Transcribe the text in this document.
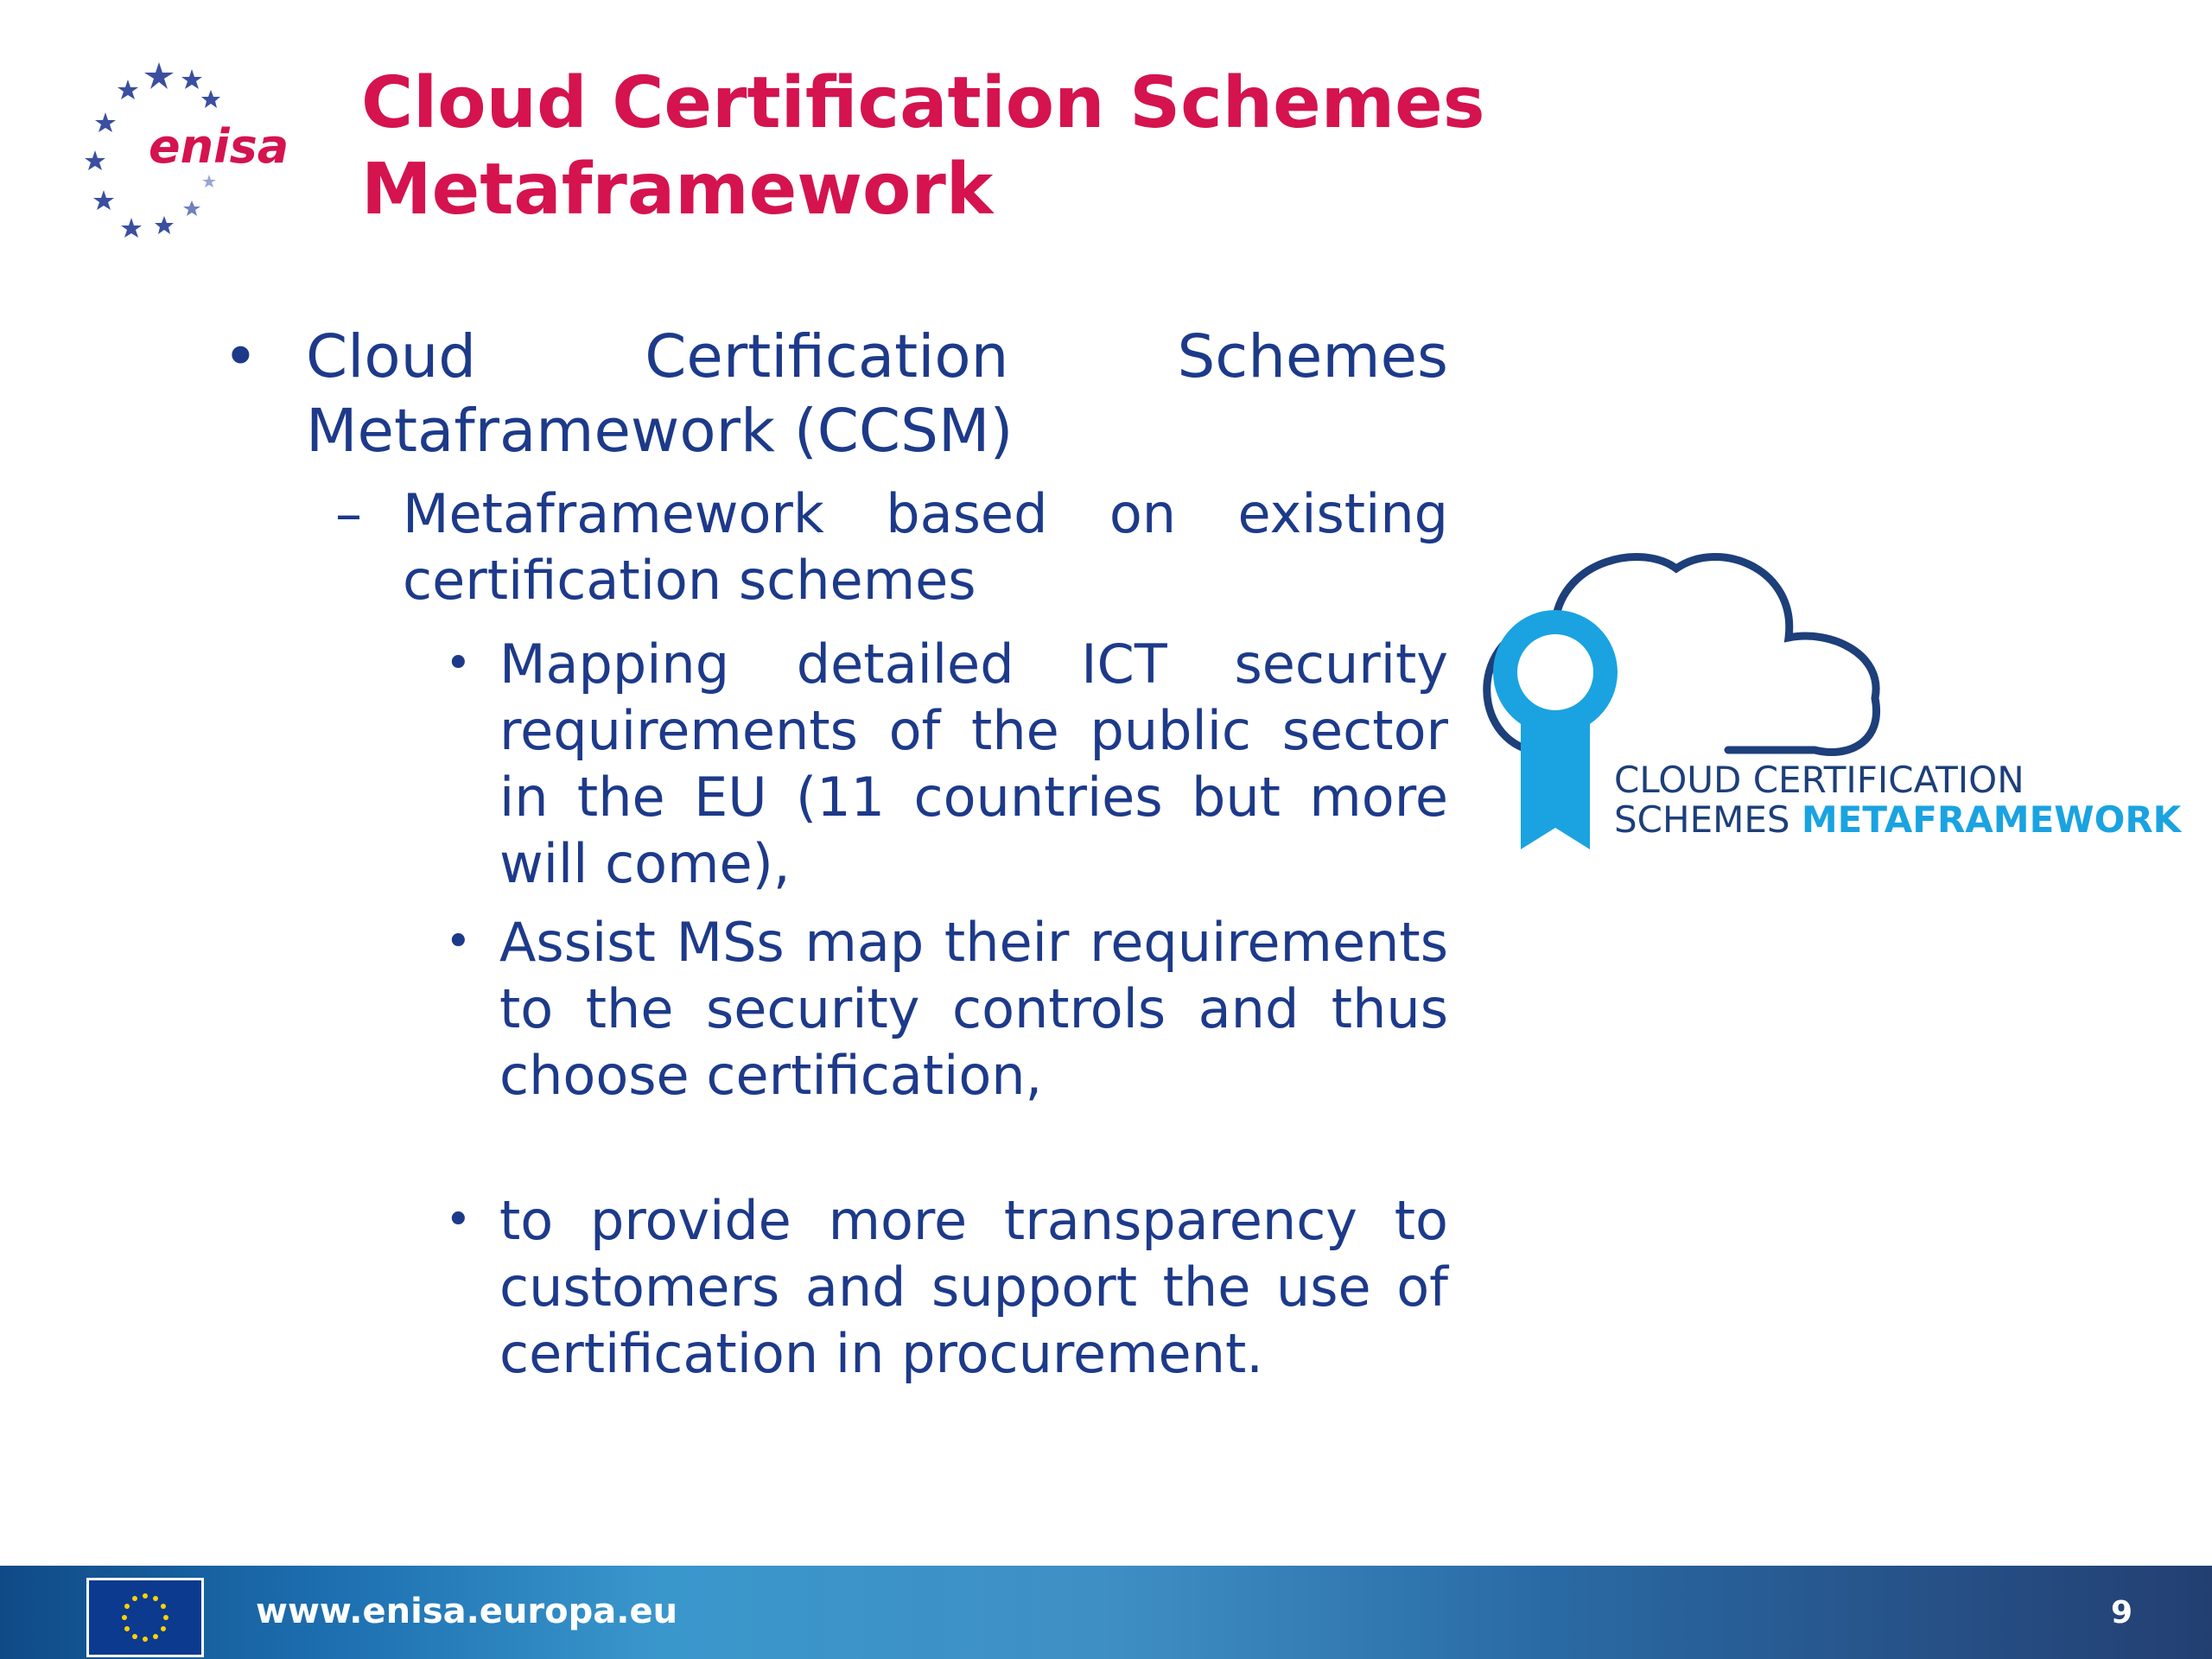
enisa
Cloud Certification Schemes
Metaframework
• Cloud Certification Schemes Metaframework (CCSM)
– Metaframework based on existing certification schemes
• Mapping detailed ICT security requirements of the public sector in the EU (11 countries but more will come),
• Assist MSs map their requirements to the security controls and thus choose certification,
• to provide more transparency to customers and support the use of certification in procurement.
CLOUD CERTIFICATION
SCHEMES METAFRAMEWORK
www.enisa.europa.eu	9
